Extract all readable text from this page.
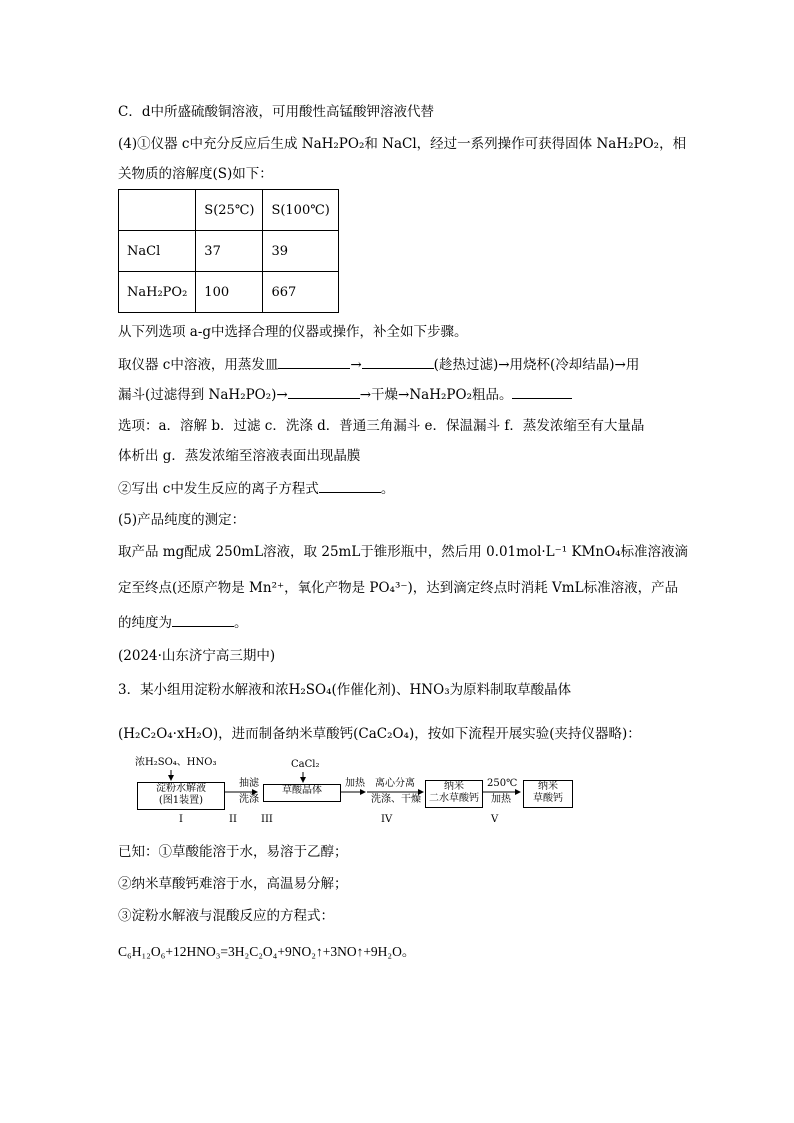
C．d中所盛硫酸铜溶液，可用酸性高锰酸钾溶液代替
(4)①仪器 c中充分反应后生成 NaH₂PO₂和 NaCl，经过一系列操作可获得固体 NaH₂PO₂，相
关物质的溶解度(S)如下：
	S(25℃)	S(100℃)
NaCl	37	39
NaH₂PO₂	100	667
从下列选项 a-g中选择合理的仪器或操作，补全如下步骤。
取仪器 c中溶液，用蒸发皿	→	(趁热过滤)→用烧杯(冷却结晶)→用
漏斗(过滤得到 NaH₂PO₂)→	→干燥→NaH₂PO₂粗品。
选项：a．溶解 b．过滤 c．洗涤 d．普通三角漏斗 e．保温漏斗 f．蒸发浓缩至有大量晶
体析出 g．蒸发浓缩至溶液表面出现晶膜
②写出 c中发生反应的离子方程式	。
(5)产品纯度的测定：
取产品 mg配成 250mL溶液，取 25mL于锥形瓶中，然后用 0.01mol·L⁻¹ KMnO₄标准溶液滴
定至终点(还原产物是 Mn²⁺，氧化产物是 PO₄³⁻)，达到滴定终点时消耗 VmL标准溶液，产品
的纯度为	。
(2024·山东济宁高三期中)
3．某小组用淀粉水解液和浓H₂SO₄(作催化剂)、HNO₃为原料制取草酸晶体
(H₂C₂O₄·xH₂O)，进而制备纳米草酸钙(CaC₂O₄)，按如下流程开展实验(夹持仪器略)：
浓H₂SO₄、HNO₃
淀粉水解液
(图1装置)
抽滤
洗涤
CaCl₂
草酸晶体
加热 离心分离
洗涤、干燥
纳米
二水草酸钙
250℃
加热
纳米
草酸钙
I	II III	IV	V
已知：①草酸能溶于水，易溶于乙醇；
②纳米草酸钙难溶于水，高温易分解；
③淀粉水解液与混酸反应的方程式：
C₆H₁₂O₆+12HNO₃=3H₂C₂O₄+9NO₂↑+3NO↑+9H₂O。
